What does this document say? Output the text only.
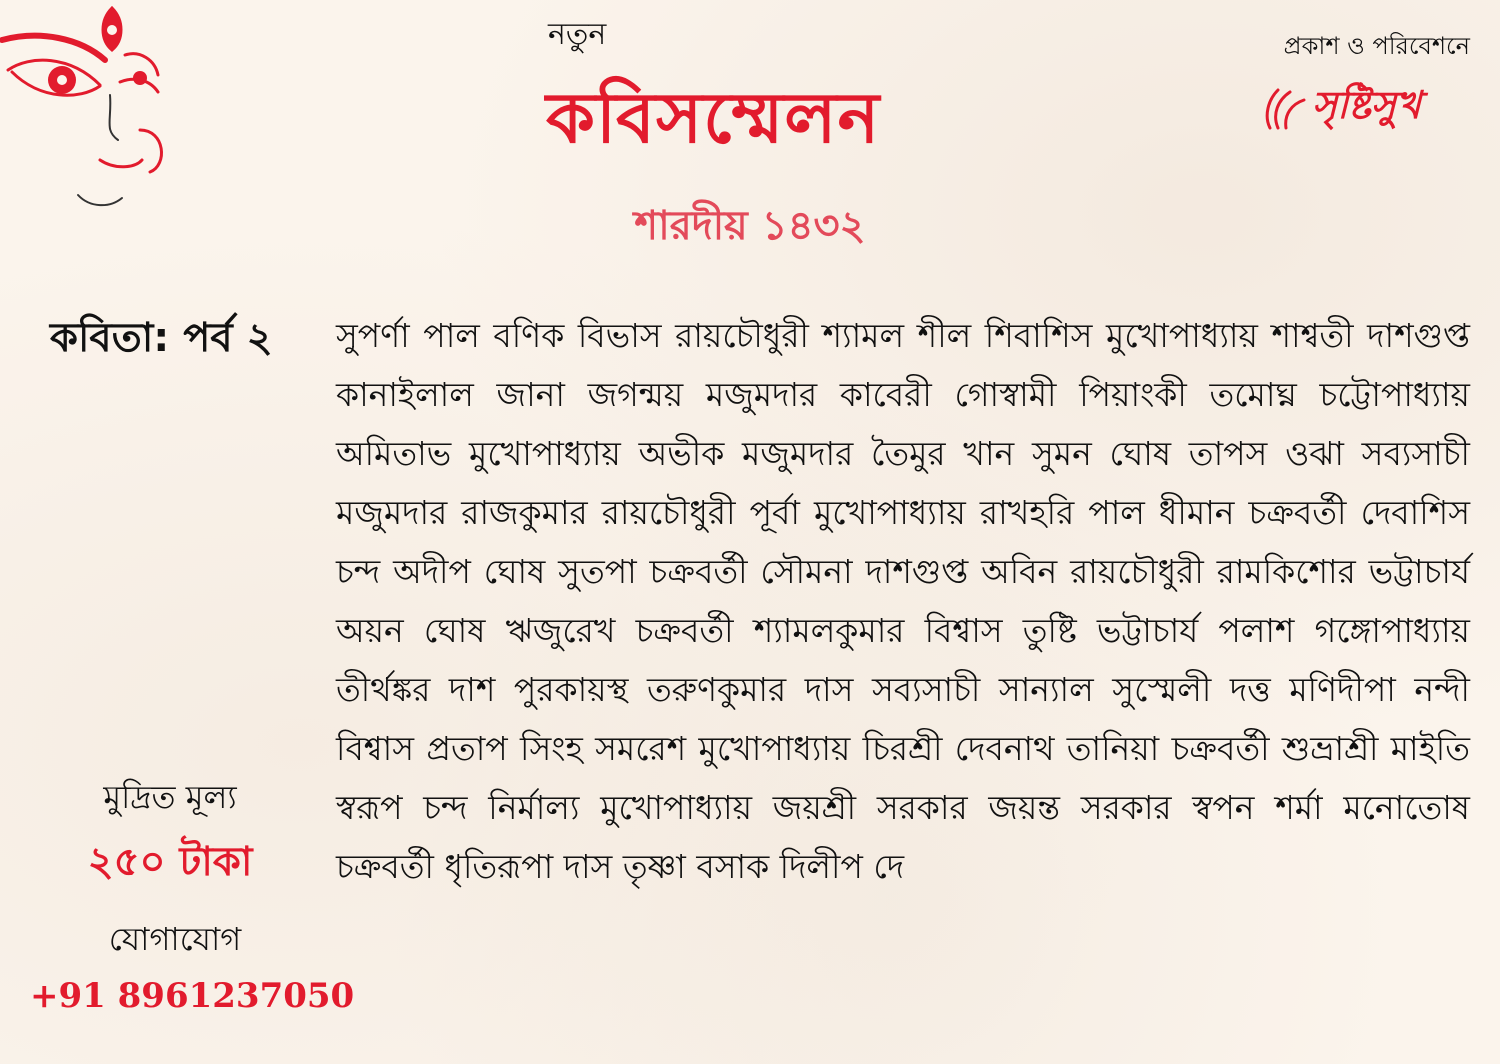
নতুন
কবিসম্মেলন
শারদীয় ১৪৩২
প্রকাশ ও পরিবেশনে
সৃষ্টিসুখ
কবিতা: পর্ব ২ সুপর্ণা পাল বণিক বিভাস রায়চৌধুরী শ্যামল শীল শিবাশিস মুখোপাধ্যায় শাশ্বতী দাশগুপ্ত কানাইলাল জানা জগন্ময় মজুমদার কাবেরী গোস্বামী পিয়াংকী তমোঘ্ন চট্টোপাধ্যায় অমিতাভ মুখোপাধ্যায় অভীক মজুমদার তৈমুর খান সুমন ঘোষ তাপস ওঝা সব্যসাচী মজুমদার রাজকুমার রায়চৌধুরী পূর্বা মুখোপাধ্যায় রাখহরি পাল ধীমান চক্রবর্তী দেবাশিস চন্দ অদীপ ঘোষ সুতপা চক্রবর্তী সৌমনা দাশগুপ্ত অবিন রায়চৌধুরী রামকিশোর ভট্টাচার্য অয়ন ঘোষ ঋজুরেখ চক্রবর্তী শ্যামলকুমার বিশ্বাস তুষ্টি ভট্টাচার্য পলাশ গঙ্গোপাধ্যায় তীর্থঙ্কর দাশ পুরকায়স্থ তরুণকুমার দাস সব্যসাচী সান্যাল সুস্মেলী দত্ত মণিদীপা নন্দী বিশ্বাস প্রতাপ সিংহ সমরেশ মুখোপাধ্যায় চিরশ্রী দেবনাথ তানিয়া চক্রবর্তী শুভ্রাশ্রী মাইতি স্বরূপ চন্দ নির্মাল্য মুখোপাধ্যায় জয়শ্রী সরকার জয়ন্ত সরকার স্বপন শর্মা মনোতোষ চক্রবর্তী ধৃতিরূপা দাস তৃষ্ণা বসাক দিলীপ দে
মুদ্রিত মূল্য
২৫০ টাকা
যোগাযোগ
+91 8961237050
